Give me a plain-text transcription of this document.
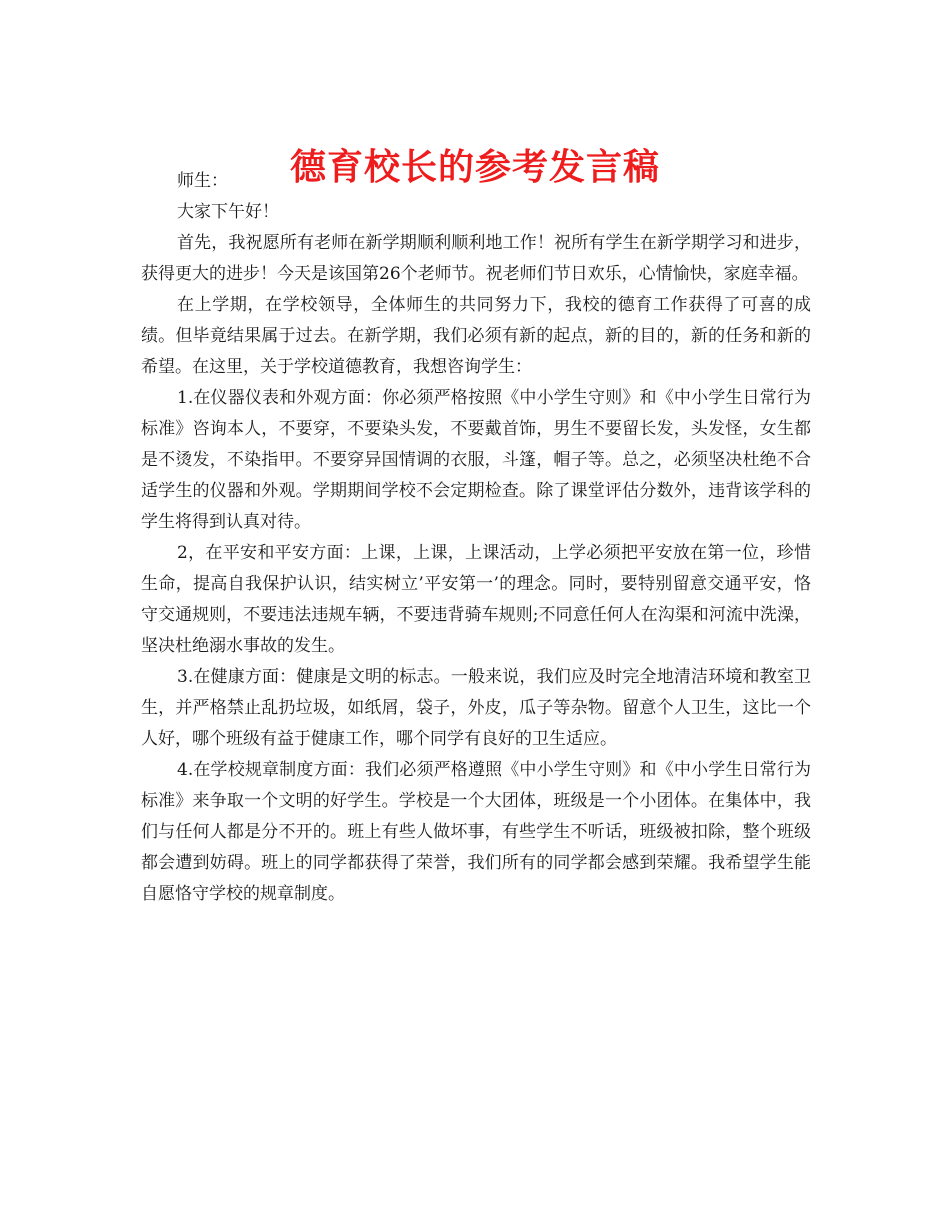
德育校长的参考发言稿

师生：

大家下午好！

首先，我祝愿所有老师在新学期顺利顺利地工作！祝所有学生在新学期学习和进步，获得更大的进步！今天是该国第26个老师节。祝老师们节日欢乐，心情愉快，家庭幸福。

在上学期，在学校领导，全体师生的共同努力下，我校的德育工作获得了可喜的成绩。但毕竟结果属于过去。在新学期，我们必须有新的起点，新的目的，新的任务和新的希望。在这里，关于学校道德教育，我想咨询学生：

1.在仪器仪表和外观方面：你必须严格按照《中小学生守则》和《中小学生日常行为标准》咨询本人，不要穿，不要染头发，不要戴首饰，男生不要留长发，头发怪，女生都是不烫发，不染指甲。不要穿异国情调的衣服，斗篷，帽子等。总之，必须坚决杜绝不合适学生的仪器和外观。学期期间学校不会定期检查。除了课堂评估分数外，违背该学科的学生将得到认真对待。

2，在平安和平安方面：上课，上课，上课活动，上学必须把平安放在第一位，珍惜生命，提高自我保护认识，结实树立’平安第一’的理念。同时，要特别留意交通平安，恪守交通规则，不要违法违规车辆，不要违背骑车规则;不同意任何人在沟渠和河流中洗澡，坚决杜绝溺水事故的发生。

3.在健康方面：健康是文明的标志。一般来说，我们应及时完全地清洁环境和教室卫生，并严格禁止乱扔垃圾，如纸屑，袋子，外皮，瓜子等杂物。留意个人卫生，这比一个人好，哪个班级有益于健康工作，哪个同学有良好的卫生适应。

4.在学校规章制度方面：我们必须严格遵照《中小学生守则》和《中小学生日常行为标准》来争取一个文明的好学生。学校是一个大团体，班级是一个小团体。在集体中，我们与任何人都是分不开的。班上有些人做坏事，有些学生不听话，班级被扣除，整个班级都会遭到妨碍。班上的同学都获得了荣誉，我们所有的同学都会感到荣耀。我希望学生能自愿恪守学校的规章制度。
